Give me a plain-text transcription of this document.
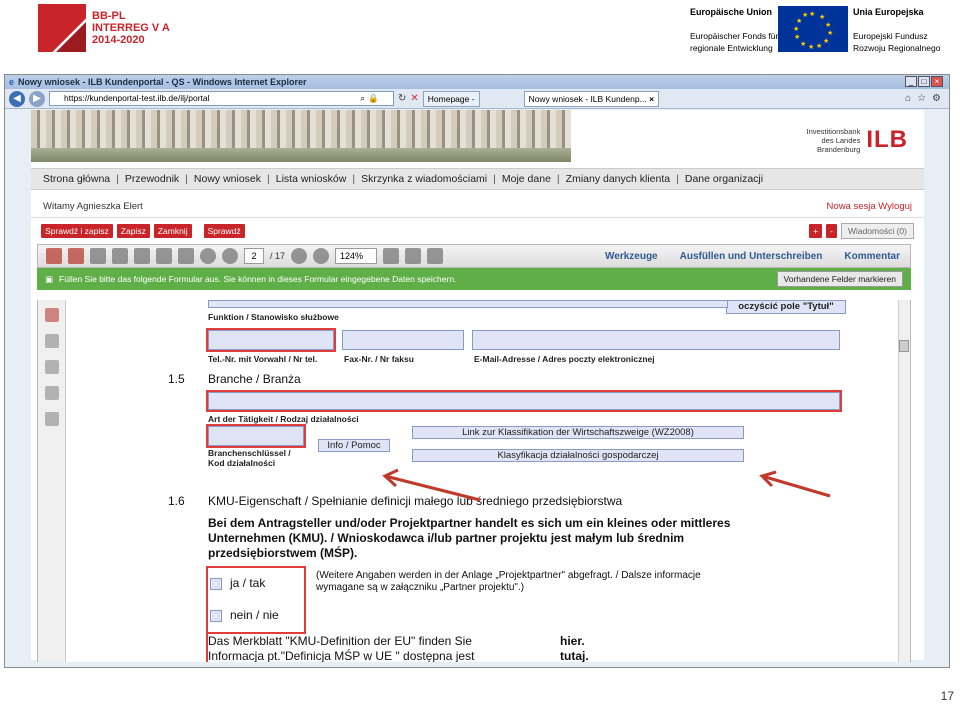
BB-PL
INTERREG V A
2014-2020
Europäische Union

Europäischer Fonds für
regionale Entwicklung
★ ★
★
★
★
★
★
★
★
★
★
★	Unia Europejska

Europejski Fundusz
Rozwoju Regionalnego
e Nowy wniosek - ILB Kundenportal - QS - Windows Internet Explorer	_	□	×
◀	▶	https://kundenportal-test.ilb.de/ilj/portal	⌕ 🔒 ↻ ✕	Homepage -	Nowy wniosek - ILB Kundenp... ×	⌂ ☆ ⚙
Investitionsbank
des Landes
Brandenburg ILB
Strona główna | Przewodnik | Nowy wniosek | Lista wniosków | Skrzynka z wiadomościami | Moje dane | Zmiany danych klienta | Dane organizacji
Witamy Agnieszka Elert	Nowa sesja Wyloguj
Sprawdź i zapisz	Zapisz	Zamknij	Sprawdź	+	-	Wiadomości (0)
2	/ 17	124%	Werkzeuge Ausfüllen und Unterschreiben Kommentar
▣ Füllen Sie bitte das folgende Formular aus. Sie können in dieses Formular eingegebene Daten speichern.	Vorhandene Felder markieren
oczyścić pole "Tytuł"
Funktion / Stanowisko służbowe
Tel.-Nr. mit Vorwahl / Nr tel.	Fax-Nr. / Nr faksu	E-Mail-Adresse / Adres poczty elektronicznej
1.5 Branche / Branża
Art der Tätigkeit / Rodzaj działalności
Link zur Klassifikation der Wirtschaftszweige (WZ2008)
Info / Pomoc
Klasyfikacja działalności gospodarczej
Branchenschlüssel /
Kod działalności
1.6 KMU-Eigenschaft / Spełnianie definicji małego lub średniego przedsiębiorstwa
Bei dem Antragsteller und/oder Projektpartner handelt es sich um ein kleines oder mittleres
Unternehmen (KMU). / Wnioskodawca i/lub partner projektu jest małym lub średnim
przedsiębiorstwem (MŚP).
ja / tak
nein / nie
(Weitere Angaben werden in der Anlage „Projektpartner" abgefragt. / Dalsze informacje
wymagane są w załączniku „Partner projektu".)
Das Merkblatt "KMU-Definition der EU" finden Sie
Informacja pt."Definicja MŚP w UE " dostępna jest
hier.
tutaj.
17
